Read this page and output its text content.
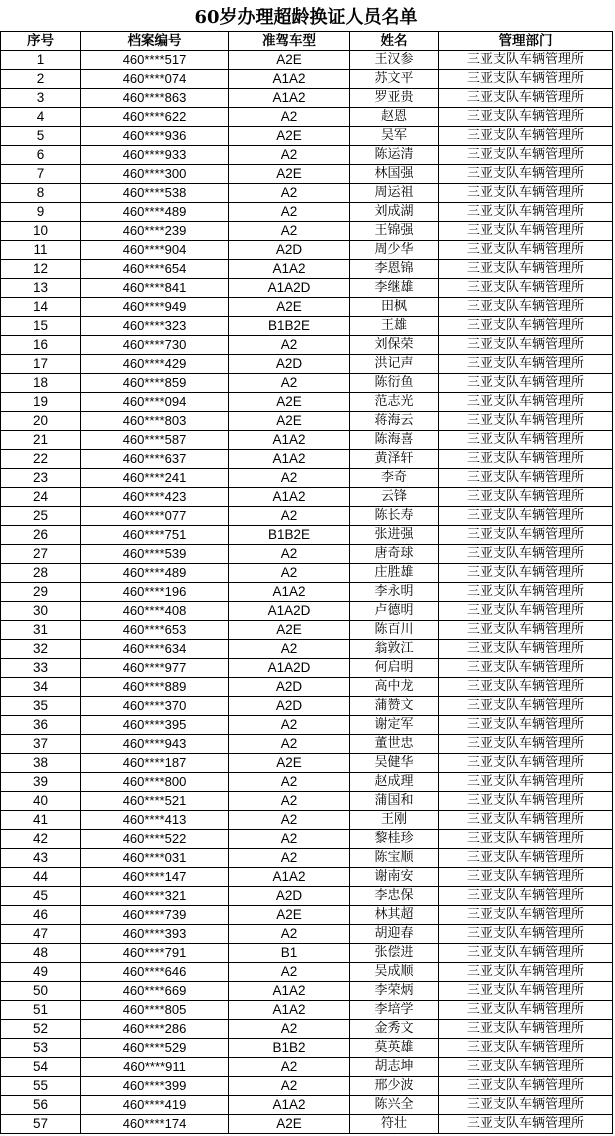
60岁办理超龄换证人员名单
序号	档案编号	准驾车型	姓名	管理部门
1	460****517	A2E	王汉参	三亚支队车辆管理所
2	460****074	A1A2	苏文平	三亚支队车辆管理所
3	460****863	A1A2	罗亚贵	三亚支队车辆管理所
4	460****622	A2	赵恩	三亚支队车辆管理所
5	460****936	A2E	吴军	三亚支队车辆管理所
6	460****933	A2	陈运清	三亚支队车辆管理所
7	460****300	A2E	林国强	三亚支队车辆管理所
8	460****538	A2	周运祖	三亚支队车辆管理所
9	460****489	A2	刘成湖	三亚支队车辆管理所
10	460****239	A2	王锦强	三亚支队车辆管理所
11	460****904	A2D	周少华	三亚支队车辆管理所
12	460****654	A1A2	李恩锦	三亚支队车辆管理所
13	460****841	A1A2D	李继雄	三亚支队车辆管理所
14	460****949	A2E	田枫	三亚支队车辆管理所
15	460****323	B1B2E	王雄	三亚支队车辆管理所
16	460****730	A2	刘保荣	三亚支队车辆管理所
17	460****429	A2D	洪记声	三亚支队车辆管理所
18	460****859	A2	陈衍鱼	三亚支队车辆管理所
19	460****094	A2E	范志光	三亚支队车辆管理所
20	460****803	A2E	蒋海云	三亚支队车辆管理所
21	460****587	A1A2	陈海喜	三亚支队车辆管理所
22	460****637	A1A2	黄泽轩	三亚支队车辆管理所
23	460****241	A2	李奇	三亚支队车辆管理所
24	460****423	A1A2	云锋	三亚支队车辆管理所
25	460****077	A2	陈长寿	三亚支队车辆管理所
26	460****751	B1B2E	张进强	三亚支队车辆管理所
27	460****539	A2	唐奇球	三亚支队车辆管理所
28	460****489	A2	庄胜雄	三亚支队车辆管理所
29	460****196	A1A2	李永明	三亚支队车辆管理所
30	460****408	A1A2D	卢德明	三亚支队车辆管理所
31	460****653	A2E	陈百川	三亚支队车辆管理所
32	460****634	A2	翁敦江	三亚支队车辆管理所
33	460****977	A1A2D	何启明	三亚支队车辆管理所
34	460****889	A2D	高中龙	三亚支队车辆管理所
35	460****370	A2D	蒲赞文	三亚支队车辆管理所
36	460****395	A2	谢定军	三亚支队车辆管理所
37	460****943	A2	董世忠	三亚支队车辆管理所
38	460****187	A2E	吴健华	三亚支队车辆管理所
39	460****800	A2	赵成理	三亚支队车辆管理所
40	460****521	A2	蒲国和	三亚支队车辆管理所
41	460****413	A2	王刚	三亚支队车辆管理所
42	460****522	A2	黎桂珍	三亚支队车辆管理所
43	460****031	A2	陈宝顺	三亚支队车辆管理所
44	460****147	A1A2	谢南安	三亚支队车辆管理所
45	460****321	A2D	李忠保	三亚支队车辆管理所
46	460****739	A2E	林其超	三亚支队车辆管理所
47	460****393	A2	胡迎春	三亚支队车辆管理所
48	460****791	B1	张偿进	三亚支队车辆管理所
49	460****646	A2	吴成顺	三亚支队车辆管理所
50	460****669	A1A2	李荣炳	三亚支队车辆管理所
51	460****805	A1A2	李培学	三亚支队车辆管理所
52	460****286	A2	金秀文	三亚支队车辆管理所
53	460****529	B1B2	莫英雄	三亚支队车辆管理所
54	460****911	A2	胡志坤	三亚支队车辆管理所
55	460****399	A2	邢少波	三亚支队车辆管理所
56	460****419	A1A2	陈兴全	三亚支队车辆管理所
57	460****174	A2E	符壮	三亚支队车辆管理所
